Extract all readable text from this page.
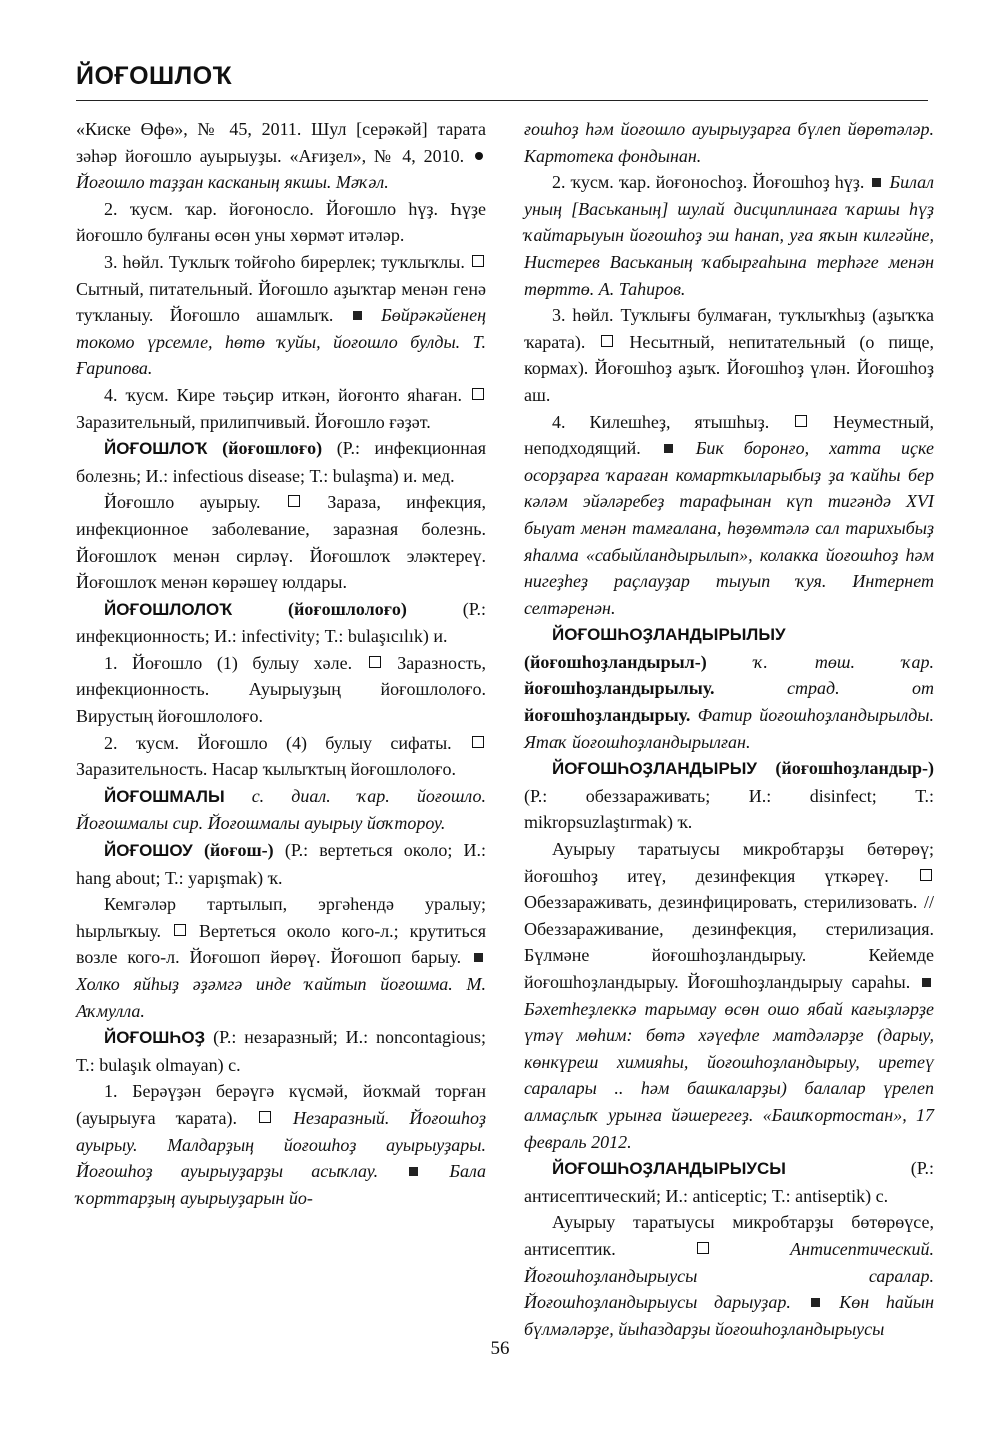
ЙОҒОШЛОҠ

«Киске Өфө», № 45, 2011. Шул [серәкәй] тарата зәһәр йоғошло ауырыуҙы. «Ағиҙел», № 4, 2010.  Йоғошло таҙҙан касканың якшы. Мәҡәл.

2. ҡусм. ҡар. йоғоносло. Йоғошло һүҙ. Һүҙе йоғошло булғаны өсөн уны хөрмәт итәләр.

3. һөйл. Туҡлыҡ тойғоһо бирерлек; туҡлыҡлы.  Сытный, питательный. Йоғошло аҙыҡтар менән генә туҡланыу. Йоғошло ашамлыҡ.	Бөйрәкәйенең токомо үрсемле, һөтө ҡуйы, йоғошло булды. Т. Ғарипова.

4. ҡусм. Кире тәьҫир иткән, йоғонто яһаған.  Заразительный, прилипчивый. Йоғошло ғәҙәт.

ЙОҒОШЛОҠ (йоғошлоғо) (Р.: инфекционная болезнь; И.: infectious disease; Т.: bulaşma) и. мед.

Йоғошло ауырыу.	Зараза, инфекция, инфекционное заболевание, заразная болезнь. Йоғошлоҡ менән сирләү. Йоғошлоҡ эләктереү. Йоғошлоҡ менән көрәшеү юлдары.

ЙОҒОШЛОЛОҠ	(йоғошлолоғо)	(Р.: инфекционность; И.: infectivity; Т.: bulaşıcılık) и.

1. Йоғошло (1) булыу хәле.	Заразность, инфекционность. Ауырыуҙың йоғошлолоғо. Вирустың йоғошлолоғо.

2. ҡусм. Йоғошло (4) булыу сифаты.  Заразительность. Насар ҡылыҡтың йоғошлолоғо.

ЙОҒОШМАЛЫ с. диал. ҡар. йоғошло. Йоғошмалы сир. Йоғошмалы ауырыу йоҡтороу.

ЙОҒОШОУ (йоғош-) (Р.: вертеться около; И.: hang about; Т.: yapışmak) ҡ.

Кемгәләр тартылып, эргәһендә уралыу; һырлыҡыу. Вертеться около кого-л.; крутиться возле кого-л. Йоғошоп йөрөү. Йоғошоп барыу.  Холко яйһыҙ әҙәмгә инде ҡайтып йоғошма. М. Аҡмулла.

ЙОҒОШҺОҘ (Р.: незаразный; И.: noncontagious; Т.: bulaşık olmayan) с.

1. Берәүҙән берәүгә күсмәй, йоҡмай торған (ауырыуға ҡарата).	Незаразный. Йоғошһоҙ ауырыу. Малдарҙың йоғошһоҙ ауырыуҙары. Йоғошһоҙ ауырыуҙарҙы асыҡлау.	Бала ҡорттарҙың ауырыуҙарын йо-

ғошһоҙ һәм йоғошло ауырыуҙарға бүлеп йөрөтәләр. Картотека фондынан.

2. ҡусм. ҡар. йоғоносһоҙ. Йоғошһоҙ һүҙ. Билал уның [Васьканың] шулай дисциплинаға ҡаршы һүҙ ҡайтарыуын йоғошһоҙ эш һанап, уға яҡын килгәйне, Нистерев Васьканың ҡабырғаһына терһәге менән төрттө. А. Таһиров.

3. һөйл. Туҡлығы булмаған, туҡлыҡһыҙ (аҙыҡҡа ҡарата). Несытный, непитательный (о пище, кормах). Йоғошһоҙ аҙыҡ. Йоғошһоҙ үлән. Йоғошһоҙ аш.

4. Килешһеҙ, ятышһыҙ.	Неуместный, неподходящий.	Бик боронғо, хатта иҫке осорҙарға ҡараған комарткыларыбыҙ ҙа ҡайһы бер кәләм эйәләребеҙ тарафынан күп тигәндә XVI быуат менән тамғалана, һөҙөмтәлә сал тарихыбыҙ яһалма «сабыйландырылып», колакка йоғошһоҙ һәм нигеҙһеҙ раҫлауҙар тыуып ҡуя. Интернет селтәренән.

ЙОҒОШҺОҘЛАНДЫРЫЛЫУ (йоғошһоҙландырыл-)	ҡ. төш. ҡар. йоғошһоҙландырылыу.	страд. от йоғошһоҙландырыу. Фатир йоғошһоҙландырылды. Ятаҡ йоғошһоҙландырылған.

ЙОҒОШҺОҘЛАНДЫРЫУ (йоғошһоҙландыр-) (Р.: обеззараживать; И.: disinfect; Т.: mikropsuzlaştırmak) ҡ.

Ауырыу таратыусы микробтарҙы бөтөрөү; йоғошһоҙ итеү, дезинфекция үткәреү.  Обеззараживать, дезинфицировать, стерилизовать. // Обеззараживание, дезинфекция, стерилизация. Бүлмәне йоғошһоҙландырыу. Кейемде йоғошһоҙландырыу. Йоғошһоҙландырыу сараһы.  Бәхетһеҙлеккә тарымау өсөн ошо ябай кағыҙләрҙе үтәү мөһим: бөтә хәүефле матдәләрҙе (дарыу, көнкүреш химияһы, йоғошһоҙландырыу, иретеү саралары .. һәм башкаларҙы) балалар үрелеп алмаҫлыҡ урынға йәшерегеҙ. «Башҡортостан», 17 февраль 2012.

ЙОҒОШҺОҘЛАНДЫРЫУСЫ	(Р.: антисептический; И.: anticeptic; Т.: antiseptik) с.

Ауырыу таратыусы микробтарҙы бөтөрөүсе, антисептик.	Антисептический. Йоғошһоҙландырыусы саралар. Йоғошһоҙландырыусы дарыуҙар.	Көн һайын бүлмәләрҙе, йыһаздарҙы йоғошһоҙландырыусы

56
